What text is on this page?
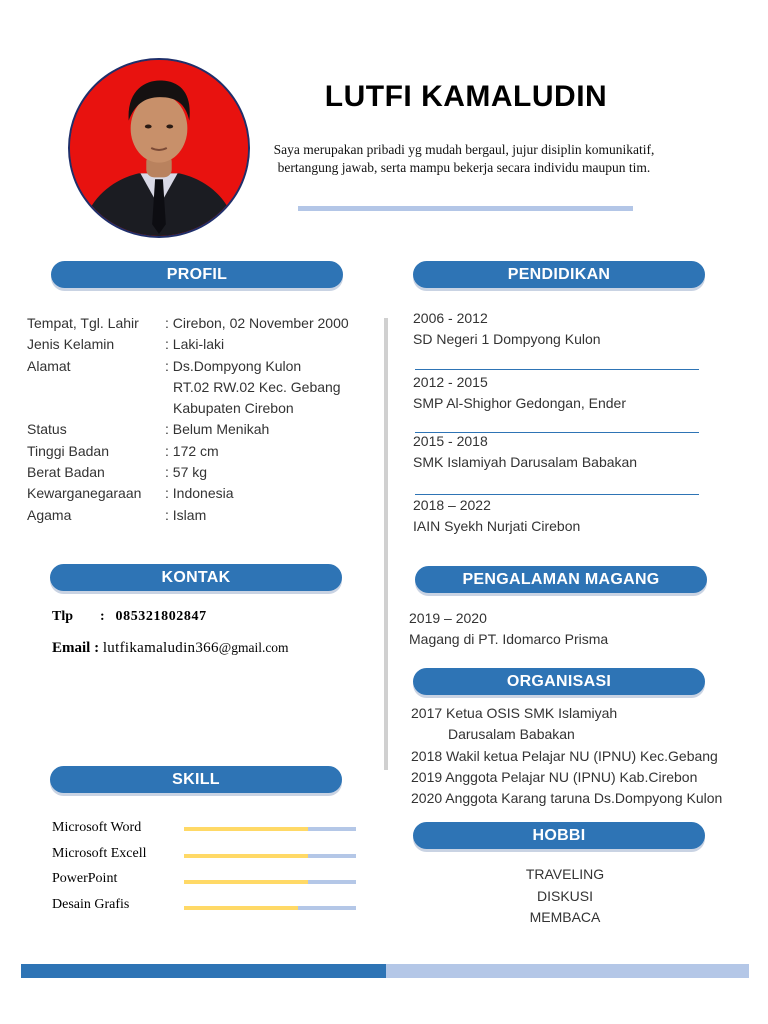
LUTFI KAMALUDIN
Saya merupakan pribadi yg mudah bergaul, jujur disiplin komunikatif, bertangung jawab, serta mampu bekerja secara individu maupun tim.
PROFIL	PENDIDIKAN
KONTAK	PENGALAMAN MAGANG
ORGANISASI
SKILL
HOBBI
Tempat, Tgl. Lahir	: Cirebon, 02 November 2000
Jenis Kelamin	: Laki-laki
Alamat	: Ds.Dompyong Kulon
RT.02 RW.02 Kec. Gebang
Kabupaten Cirebon
Status	: Belum Menikah
Tinggi Badan	: 172 cm
Berat Badan	: 57 kg
Kewarganegaraan	: Indonesia
Agama	: Islam
2006 - 2012
SD Negeri 1 Dompyong Kulon
2012 - 2015
SMP Al-Shighor Gedongan, Ender
2015 - 2018
SMK Islamiyah Darusalam Babakan
2018 – 2022
IAIN Syekh Nurjati Cirebon
Tlp : 085321802847
Email : lutfikamaludin366@gmail.com
2019 – 2020
Magang di PT. Idomarco Prisma
2017 Ketua OSIS SMK Islamiyah
Darusalam Babakan
2018 Wakil ketua Pelajar NU (IPNU) Kec.Gebang
2019 Anggota Pelajar NU (IPNU) Kab.Cirebon
2020 Anggota Karang taruna Ds.Dompyong Kulon
Microsoft Word
Microsoft Excell
PowerPoint
Desain Grafis
TRAVELING
DISKUSI
MEMBACA
